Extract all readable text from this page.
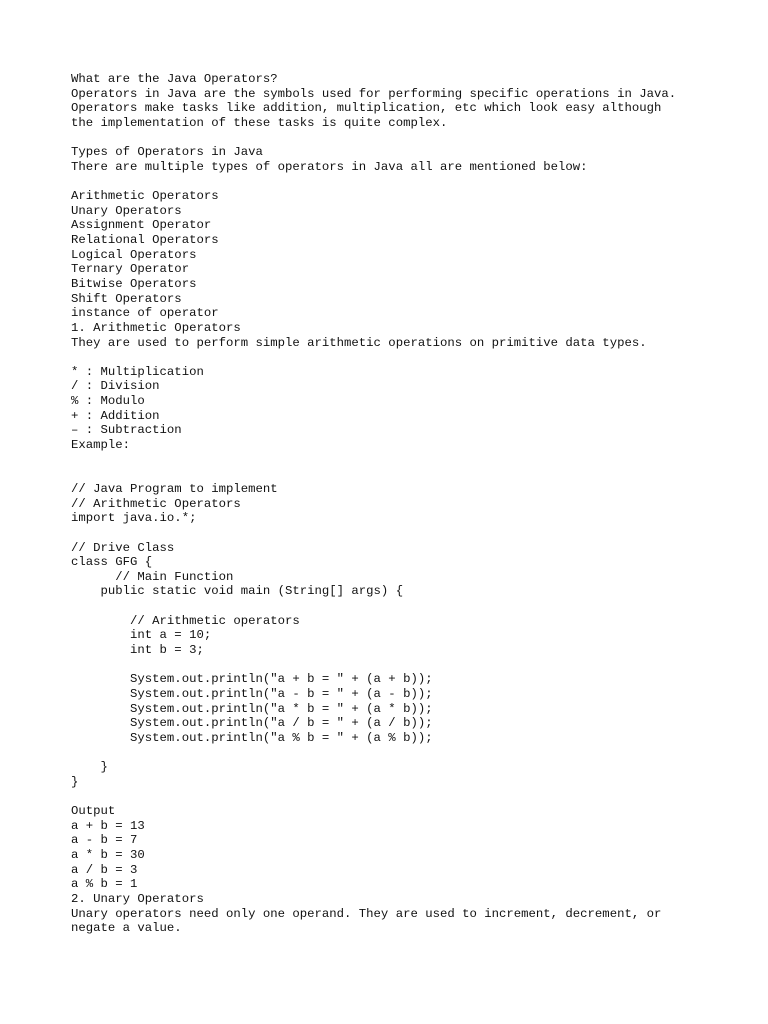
What are the Java Operators?
Operators in Java are the symbols used for performing specific operations in Java.
Operators make tasks like addition, multiplication, etc which look easy although
the implementation of these tasks is quite complex.
Types of Operators in Java
There are multiple types of operators in Java all are mentioned below:
Arithmetic Operators
Unary Operators
Assignment Operator
Relational Operators
Logical Operators
Ternary Operator
Bitwise Operators
Shift Operators
instance of operator
1. Arithmetic Operators
They are used to perform simple arithmetic operations on primitive data types.
* : Multiplication
/ : Division
% : Modulo
+ : Addition
– : Subtraction
Example:
// Java Program to implement
// Arithmetic Operators
import java.io.*;
// Drive Class
class GFG {
// Main Function
public static void main (String[] args) {
// Arithmetic operators
int a = 10;
int b = 3;
System.out.println("a + b = " + (a + b));
System.out.println("a - b = " + (a - b));
System.out.println("a * b = " + (a * b));
System.out.println("a / b = " + (a / b));
System.out.println("a % b = " + (a % b));
}
}
Output
a + b = 13
a - b = 7
a * b = 30
a / b = 3
a % b = 1
2. Unary Operators
Unary operators need only one operand. They are used to increment, decrement, or
negate a value.
